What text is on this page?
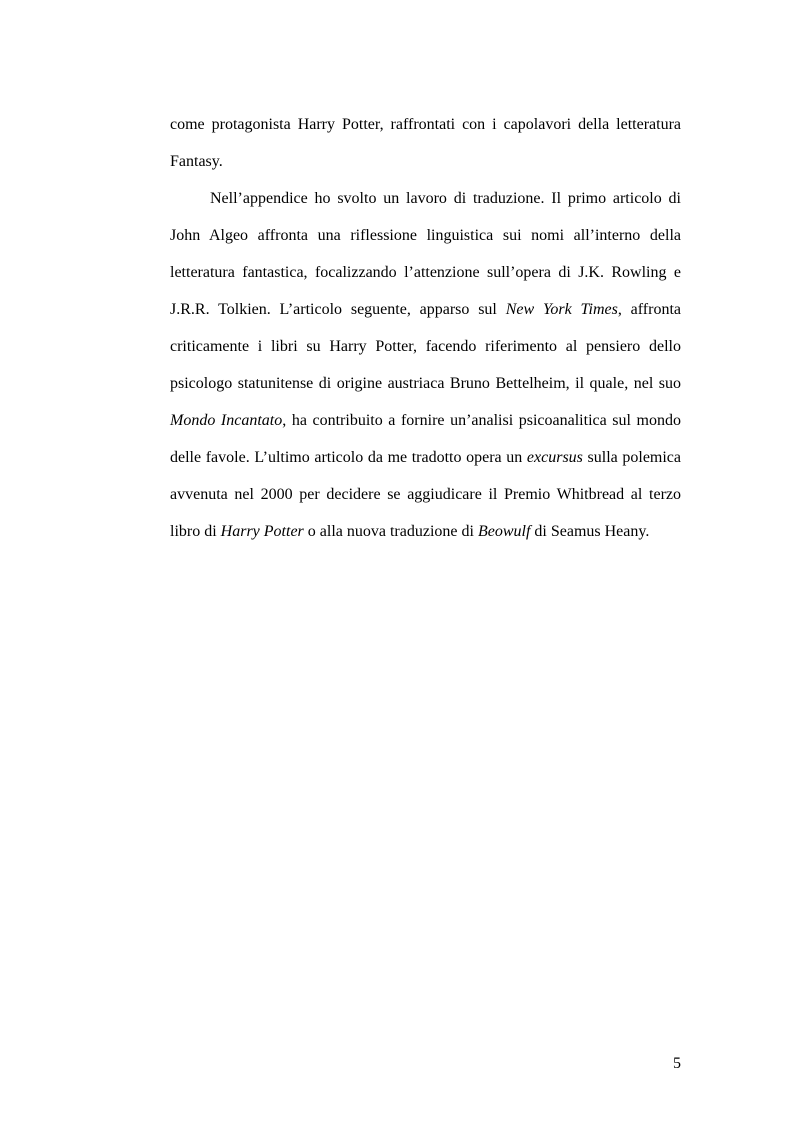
come protagonista Harry Potter, raffrontati con i capolavori della letteratura Fantasy.

Nell’appendice ho svolto un lavoro di traduzione. Il primo articolo di John Algeo affronta una riflessione linguistica sui nomi all’interno della letteratura fantastica, focalizzando l’attenzione sull’opera di J.K. Rowling e J.R.R. Tolkien. L’articolo seguente, apparso sul New York Times, affronta criticamente i libri su Harry Potter, facendo riferimento al pensiero dello psicologo statunitense di origine austriaca Bruno Bettelheim, il quale, nel suo Mondo Incantato, ha contribuito a fornire un’analisi psicoanalitica sul mondo delle favole. L’ultimo articolo da me tradotto opera un excursus sulla polemica avvenuta nel 2000 per decidere se aggiudicare il Premio Whitbread al terzo libro di Harry Potter o alla nuova traduzione di Beowulf di Seamus Heany.

5
